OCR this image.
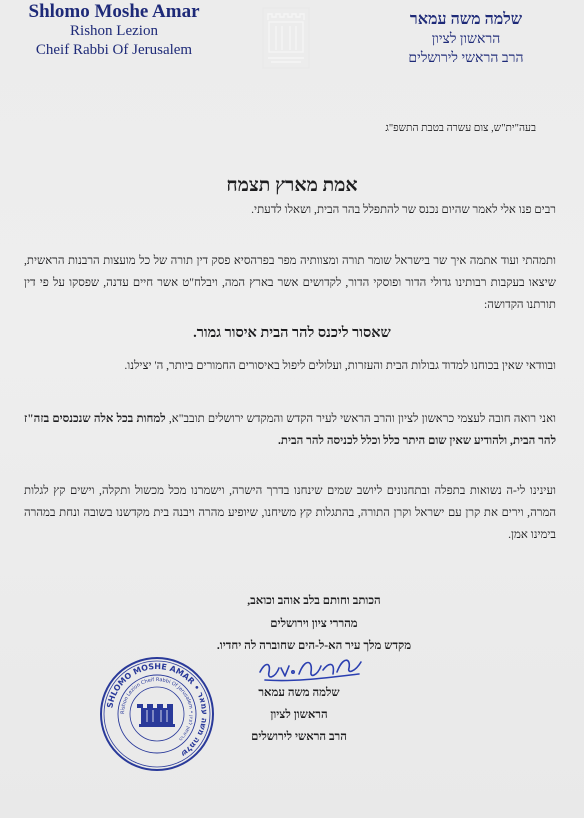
Shlomo Moshe Amar
Rishon Lezion
Cheif Rabbi Of Jerusalem
שלמה משה עמאר
הראשון לציון
הרב הראשי לירושלים
בעה"ית"ש, צום עשרה בטבת התשפ"ג
אמת מארץ תצמח
רבים פנו אלי לאמר שהיום נכנס שר להתפלל בהר הבית, ושאלו לדעתי.
ותמהתי ועוד אתמה איך שר בישראל שומר תורה ומצוותיה מפר בפרהסיא פסק דין תורה של כל מועצות הרבנות הראשית, שיצאו בעקבות רבותינו גדולי הדור ופוסקי הדור, לקדושים אשר בארץ המה, ויבלח"ט אשר חיים עדנה, שפסקו על פי דין תורתנו הקדושה:
שאסור ליכנס להר הבית איסור גמור.
ובוודאי שאין בכוחנו למדוד גבולות הבית והעזרות, ועלולים ליפול באיסורים החמורים ביותר, ה' יצילנו.
ואני רואה חובה לעצמי כראשון לציון והרב הראשי לעיר הקדש והמקדש ירושלים תובב"א, למחות בכל אלה שנכנסים בזה"ז להר הבית, ולהודיע שאין שום היתר כלל וכלל לכניסה להר הבית.
ועינינו לי-ה נשואות בתפלה ובתחנונים ליושב שמים שינחנו בדרך הישרה, וישמרנו מכל מכשול ותקלה, וישים קץ לגלות המרה, וירים את קרן עם ישראל וקרן התורה, בהתגלות קץ משיחנו, שיופיע מהרה ויבנה בית מקדשנו בשובה ונחת במהרה בימינו אמן.
הכותב וחותם בלב אוהב וכואב,
מהררי ציון וירושלים
מקדש מלך עיר הא-ל-הים שחוברה לה יחדיו.
שלמה משה עמאר
הראשון לציון
הרב הראשי לירושלים
SHLOMO MOSHE AMAR • שלמה משה עמאר
Rishon Lezion Cheif Rabbi Of Jerusalem • הראשון לציון
